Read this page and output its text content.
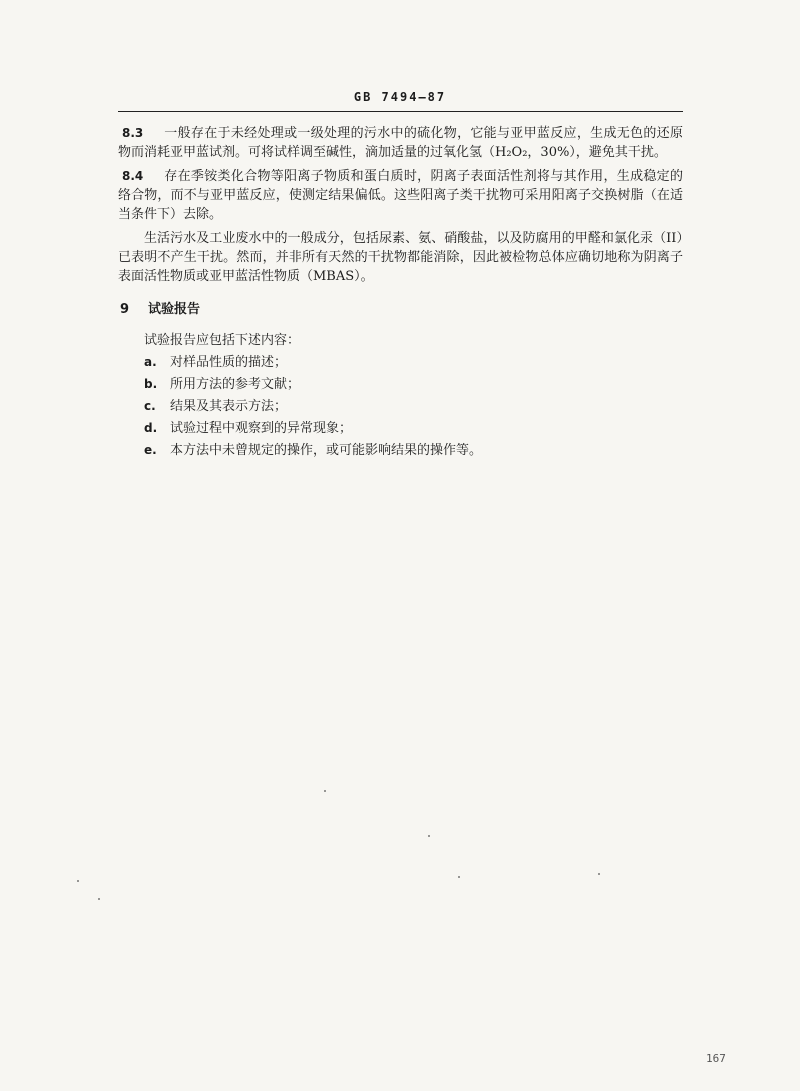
GB 7494—87

8.3 一般存在于未经处理或一级处理的污水中的硫化物，它能与亚甲蓝反应，生成无色的还原物而消耗亚甲蓝试剂。可将试样调至碱性，滴加适量的过氧化氢（H₂O₂，30%），避免其干扰。

8.4 存在季铵类化合物等阳离子物质和蛋白质时，阴离子表面活性剂将与其作用，生成稳定的络合物，而不与亚甲蓝反应，使测定结果偏低。这些阳离子类干扰物可采用阳离子交换树脂（在适当条件下）去除。

生活污水及工业废水中的一般成分，包括尿素、氨、硝酸盐，以及防腐用的甲醛和氯化汞（II）已表明不产生干扰。然而，并非所有天然的干扰物都能消除，因此被检物总体应确切地称为阴离子表面活性物质或亚甲蓝活性物质（MBAS）。

9 试验报告
试验报告应包括下述内容：
a. 对样品性质的描述；
b. 所用方法的参考文献；
c. 结果及其表示方法；
d. 试验过程中观察到的异常现象；
e. 本方法中未曾规定的操作，或可能影响结果的操作等。
167
